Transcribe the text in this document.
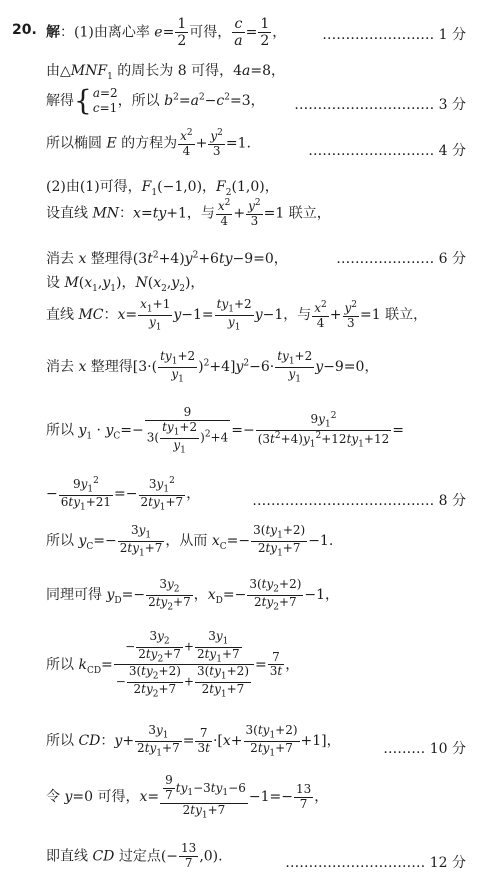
20. 解：(1)由离心率 $e= \frac{1}{2}$ 可得， $\frac{c}{a} = \frac{1}{2}$ ，	…………………… 1 分
由$\triangle MNF_1$ 的周长为 8 可得，4a=8，
解得{a=2
c=1，所以 $b^2=a^2-c^2=3$， ………………………… 3 分
所以椭圆 E 的方程为 $\frac{x^2}{4} + \frac{y^2}{3} =1$.	……………………… 4 分
(2)由(1)可得，$F_1(-1,0)$，$F_2(1,0)$，
设直线 MN：x=ty+1，与 $\frac{x^2}{4} + \frac{y^2}{3} =1$ 联立，
消去 x 整理得$(3t^2+4)y^2+6ty-9=0$，	………………… 6 分
设 $M(x_1,y_1)$，$N(x_2,y_2)$，
直线 MC：$x= \frac{x_1+1}{y_1} y-1= \frac{ty_1+2}{y_1} y-1$，与 $\frac{x^2}{4} + \frac{y^2}{3} =1$ 联立，
消去 x 整理得$[3\cdot( \frac{ty_1+2}{y_1} )^2+4]y^2-6\cdot \frac{ty_1+2}{y_1} y-9=0$，
所以 $y_1 \cdot y_C=- \frac{9}{3( \frac{ty_1+2}{y_1} )^2+4} =- \frac{9y_1^2}{(3t^2+4)y_1^2+12ty_1+12}$ =
− $\frac{9y_1^2}{6ty_1+21} =- \frac{3y_1^2}{2ty_1+7}$ ，	………………………………… 8 分
所以 $y_C=- \frac{3y_1}{2ty_1+7}$ ，从而 $x_C=- \frac{3(ty_1+2)}{2ty_1+7} -1$.
同理可得 $y_D=- \frac{3y_2}{2ty_2+7}$ ，$x_D=- \frac{3(ty_2+2)}{2ty_2+7} -1$，
所以 $k_{CD}= \frac{- \frac{3y_2}{2ty_2+7} + \frac{3y_1}{2ty_1+7}}{- \frac{3(ty_2+2)}{2ty_2+7} + \frac{3(ty_1+2)}{2ty_1+7}} = \frac{7}{3t}$ ，
所以 CD：$y+ \frac{3y_1}{2ty_1+7} = \frac{7}{3t} \cdot[x+ \frac{3(ty_1+2)}{2ty_1+7} +1]$，	……… 10 分
令 y=0 可得，$x= \frac{\frac{9}{7} ty_1-3ty_1-6}{2ty_1+7} -1=- \frac{13}{7}$ ，
即直线 CD 过定点(− $\frac{13}{7} ,0$).	………………………… 12 分
